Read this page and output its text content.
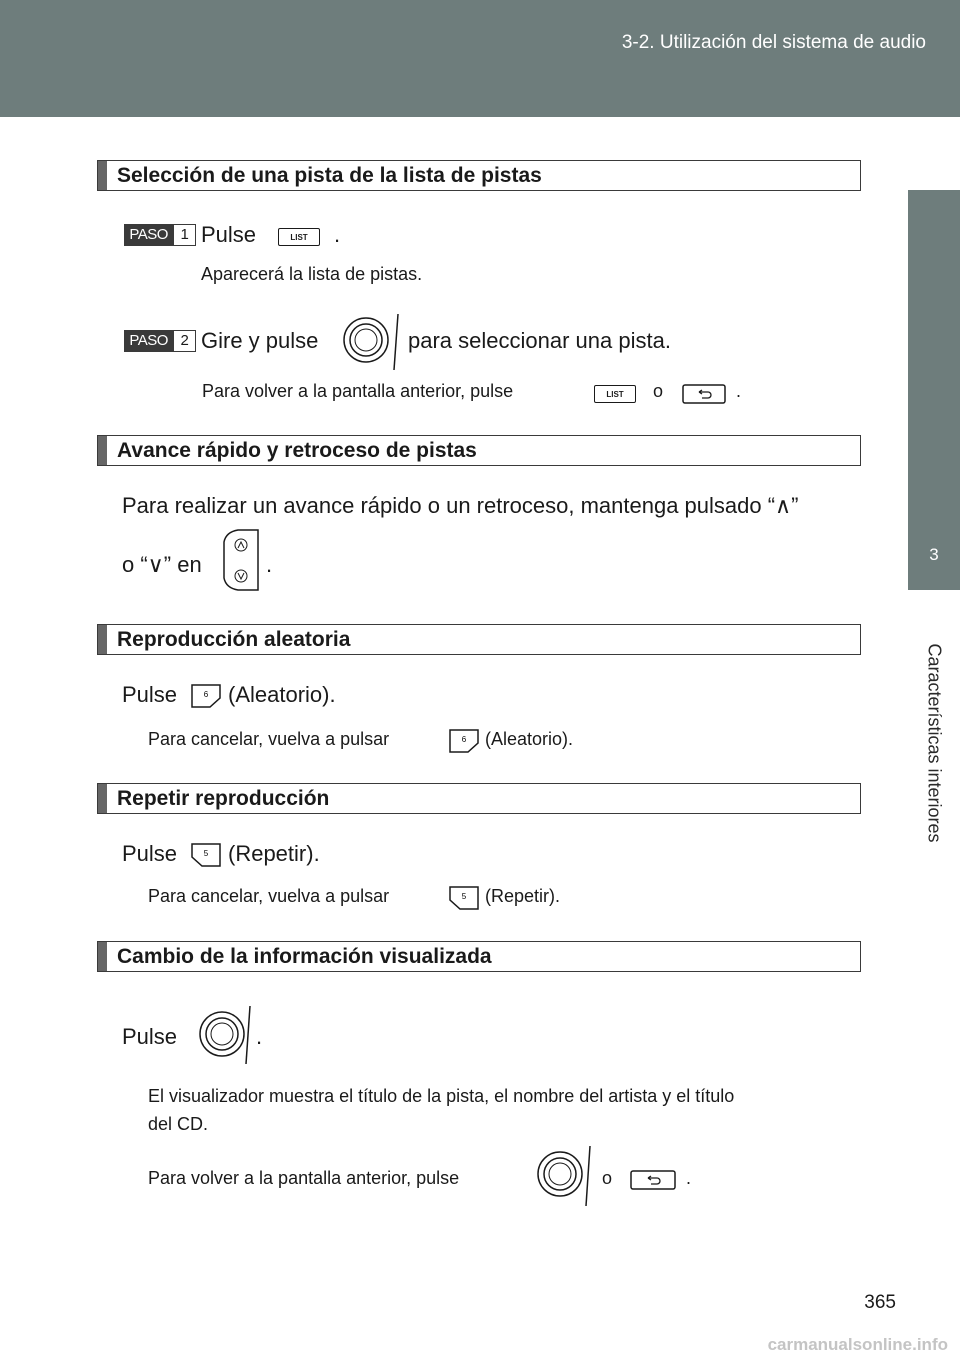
3-2. Utilización del sistema de audio
3
Características interiores
Selección de una pista de la lista de pistas
PASO 1 Pulse	LIST	.
Aparecerá la lista de pistas.
PASO 2 Gire y pulse	para seleccionar una pista.
Para volver a la pantalla anterior, pulse	LIST	o	.
Avance rápido y retroceso de pistas
Para realizar un avance rápido o un retroceso, mantenga pulsado “∧”
o “∨” en	.
Reproducción aleatoria
Pulse	6 (Aleatorio).
Para cancelar, vuelva a pulsar	6 (Aleatorio).
Repetir reproducción
Pulse	5 (Repetir).
Para cancelar, vuelva a pulsar	5 (Repetir).
Cambio de la información visualizada
Pulse	.
El visualizador muestra el título de la pista, el nombre del artista y el título
del CD.
Para volver a la pantalla anterior, pulse	o	.
365
carmanualsonline.info
